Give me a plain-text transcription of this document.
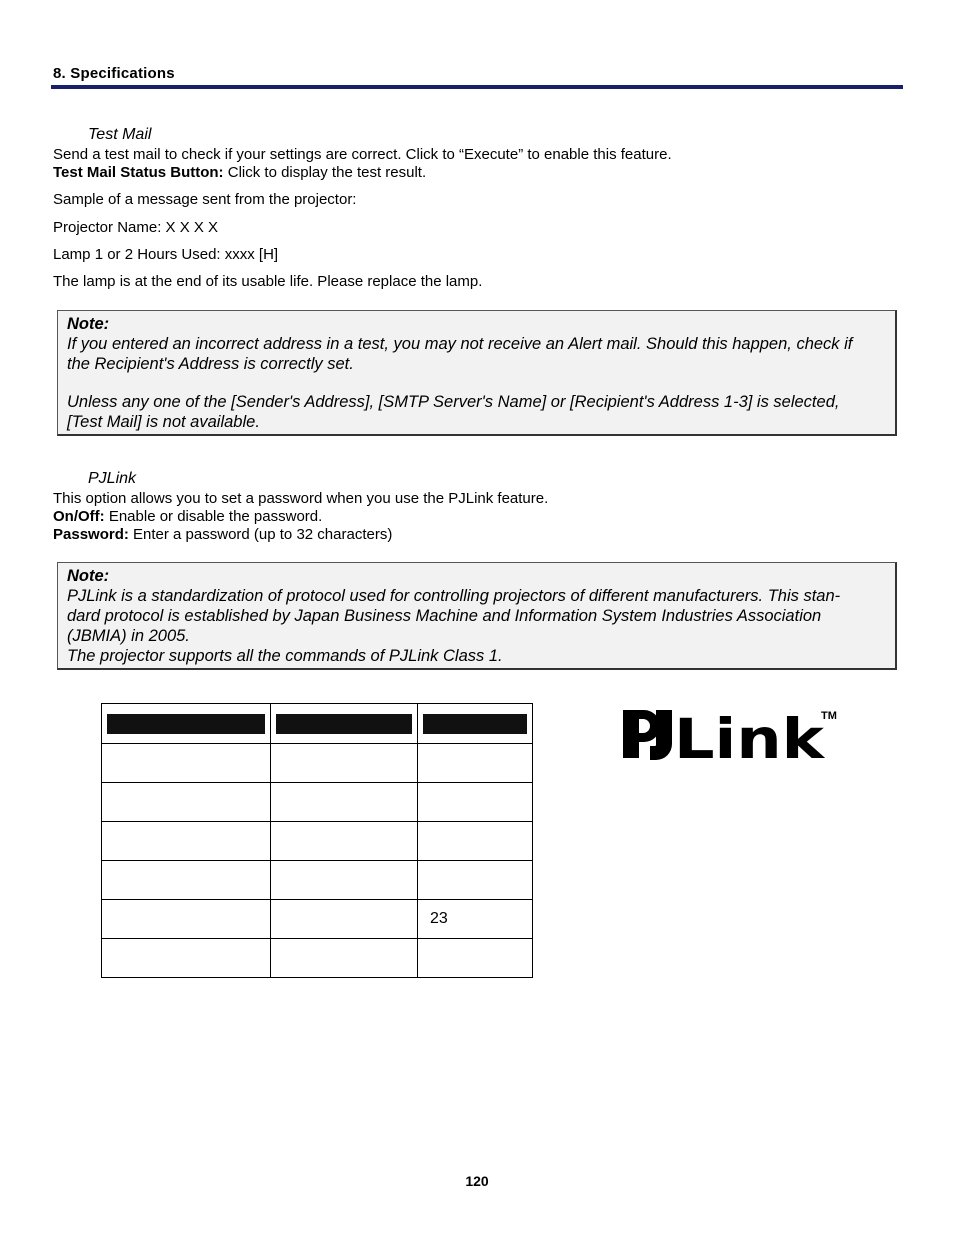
8. Specifications
Test Mail
Send a test mail to check if your settings are correct. Click to “Execute” to enable this feature.
Test Mail Status Button: Click to display the test result.
Sample of a message sent from the projector:
Projector Name: X X X X
Lamp 1 or 2 Hours Used: xxxx [H]
The lamp is at the end of its usable life. Please replace the lamp.

Note:

If you entered an incorrect address in a test, you may not receive an Alert mail. Should this happen, check if

the Recipient's Address is correctly set.

Unless any one of the [Sender's Address], [SMTP Server's Name] or [Recipient's Address 1-3] is selected,

[Test Mail] is not available.

PJLink
This option allows you to set a password when you use the PJLink feature.
On/Off: Enable or disable the password.
Password: Enter a password (up to 32 characters)

Note:

PJLink is a standardization of protocol used for controlling projectors of different manufacturers. This stan-

dard protocol is established by Japan Business Machine and Information System Industries Association

(JBMIA) in 2005.

The projector supports all the commands of PJLink Class 1.

		23

Link
TM
120
